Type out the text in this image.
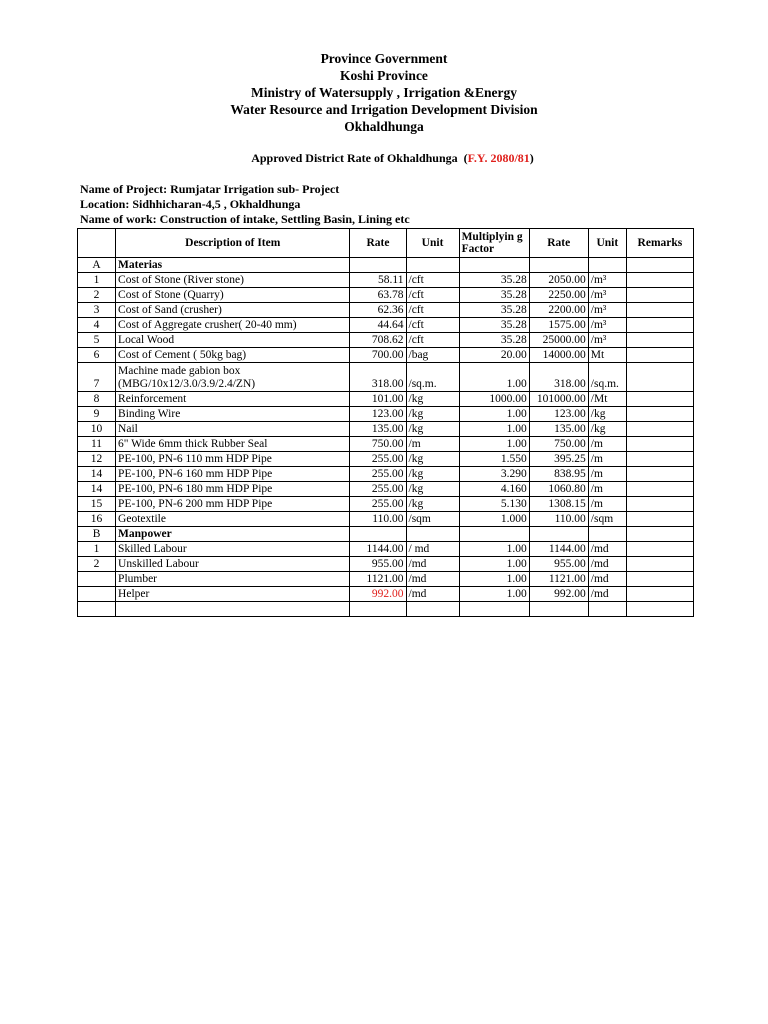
Province Government
Koshi Province
Ministry of Watersupply , Irrigation &Energy
Water Resource and Irrigation Development Division
Okhaldhunga
Approved District Rate of Okhaldhunga (F.Y. 2080/81)
Name of Project: Rumjatar Irrigation sub- Project
Location: Sidhhicharan-4,5 , Okhaldhunga
Name of work: Construction of intake, Settling Basin, Lining etc
	Description of Item	Rate	Unit	Multiplyin g Factor	Rate	Unit	Remarks
A	Materias						
1	Cost of Stone (River stone)	58.11	/cft	35.28	2050.00	/m³	
2	Cost of Stone (Quarry)	63.78	/cft	35.28	2250.00	/m³	
3	Cost of Sand (crusher)	62.36	/cft	35.28	2200.00	/m³	
4	Cost of Aggregate crusher( 20-40 mm)	44.64	/cft	35.28	1575.00	/m³	
5	Local Wood	708.62	/cft	35.28	25000.00	/m³	
6	Cost of Cement ( 50kg bag)	700.00	/bag	20.00	14000.00	Mt	
7	Machine made gabion box (MBG/10x12/3.0/3.9/2.4/ZN)	318.00	/sq.m.	1.00	318.00	/sq.m.	
8	Reinforcement	101.00	/kg	1000.00	101000.00	/Mt	
9	Binding Wire	123.00	/kg	1.00	123.00	/kg	
10	Nail	135.00	/kg	1.00	135.00	/kg	
11	6" Wide 6mm thick Rubber Seal	750.00	/m	1.00	750.00	/m	
12	PE-100, PN-6 110 mm HDP Pipe	255.00	/kg	1.550	395.25	/m	
14	PE-100, PN-6 160 mm HDP Pipe	255.00	/kg	3.290	838.95	/m	
14	PE-100, PN-6 180 mm HDP Pipe	255.00	/kg	4.160	1060.80	/m	
15	PE-100, PN-6 200 mm HDP Pipe	255.00	/kg	5.130	1308.15	/m	
16	Geotextile	110.00	/sqm	1.000	110.00	/sqm	
B	Manpower						
1	Skilled Labour	1144.00	/ md	1.00	1144.00	/md	
2	Unskilled Labour	955.00	/md	1.00	955.00	/md	
	Plumber	1121.00	/md	1.00	1121.00	/md	
	Helper	992.00	/md	1.00	992.00	/md	
